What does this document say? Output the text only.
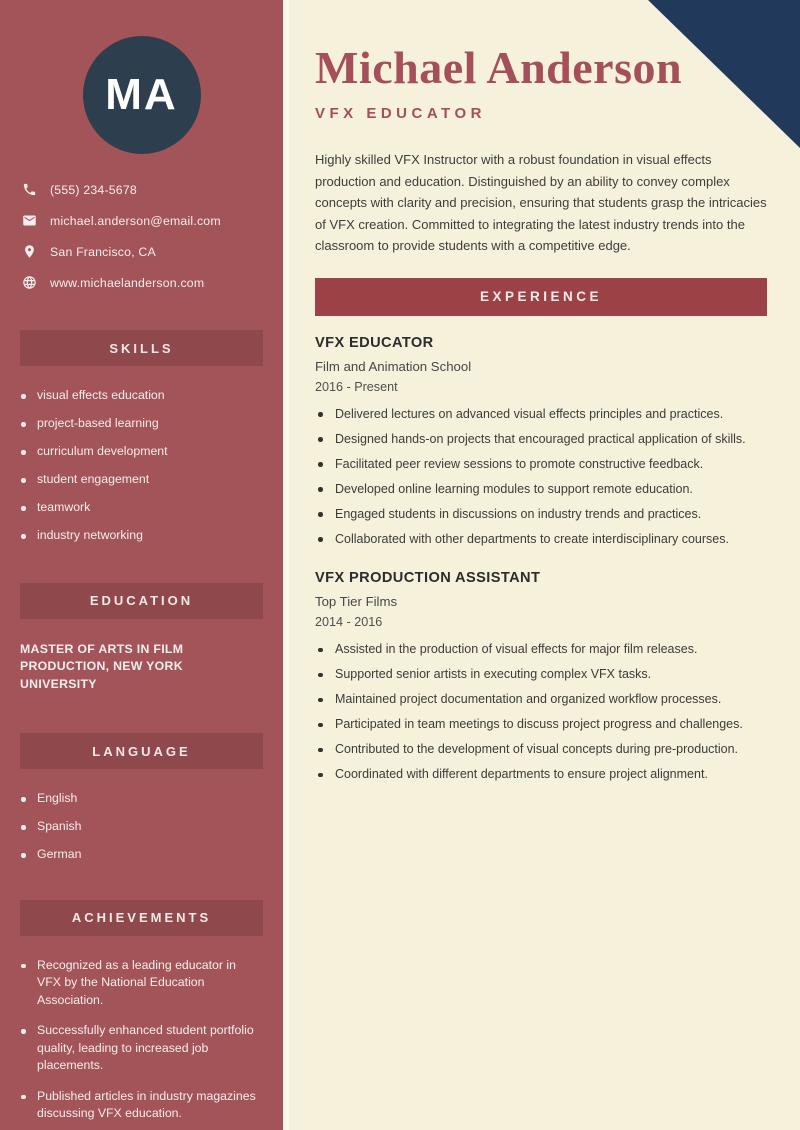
MA
(555) 234-5678
michael.anderson@email.com
San Francisco, CA
www.michaelanderson.com
SKILLS
visual effects education
project-based learning
curriculum development
student engagement
teamwork
industry networking
EDUCATION
MASTER OF ARTS IN FILM PRODUCTION, NEW YORK UNIVERSITY
LANGUAGE
English
Spanish
German
ACHIEVEMENTS
Recognized as a leading educator in VFX by the National Education Association.
Successfully enhanced student portfolio quality, leading to increased job placements.
Published articles in industry magazines discussing VFX education.
Michael Anderson
VFX EDUCATOR

Highly skilled VFX Instructor with a robust foundation in visual effects production and education. Distinguished by an ability to convey complex concepts with clarity and precision, ensuring that students grasp the intricacies of VFX creation. Committed to integrating the latest industry trends into the classroom to provide students with a competitive edge.

EXPERIENCE
VFX EDUCATOR
Film and Animation School
2016 - Present
Delivered lectures on advanced visual effects principles and practices.
Designed hands-on projects that encouraged practical application of skills.
Facilitated peer review sessions to promote constructive feedback.
Developed online learning modules to support remote education.
Engaged students in discussions on industry trends and practices.
Collaborated with other departments to create interdisciplinary courses.
VFX PRODUCTION ASSISTANT
Top Tier Films
2014 - 2016
Assisted in the production of visual effects for major film releases.
Supported senior artists in executing complex VFX tasks.
Maintained project documentation and organized workflow processes.
Participated in team meetings to discuss project progress and challenges.
Contributed to the development of visual concepts during pre-production.
Coordinated with different departments to ensure project alignment.
